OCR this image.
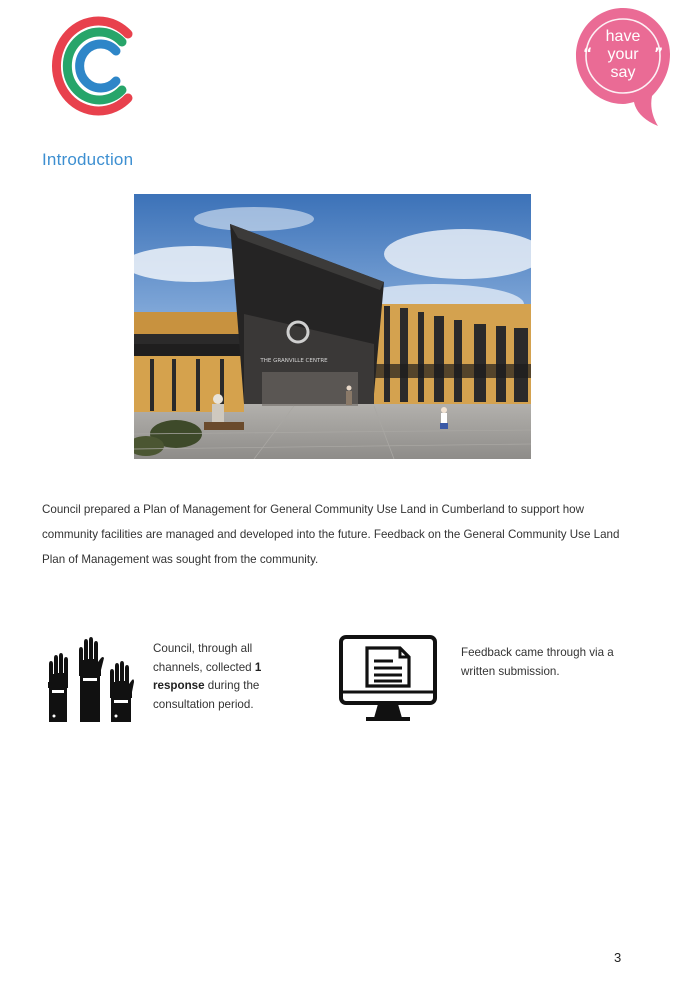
“	”
have
your
say
Introduction
THE GRANVILLE CENTRE
Council prepared a Plan of Management for General Community Use Land in Cumberland to support how community facilities are managed and developed into the future. Feedback on the General Community Use Land Plan of Management was sought from the community.
Council, through all channels, collected 1 response during the consultation period.
Feedback came through via a written submission.
3
